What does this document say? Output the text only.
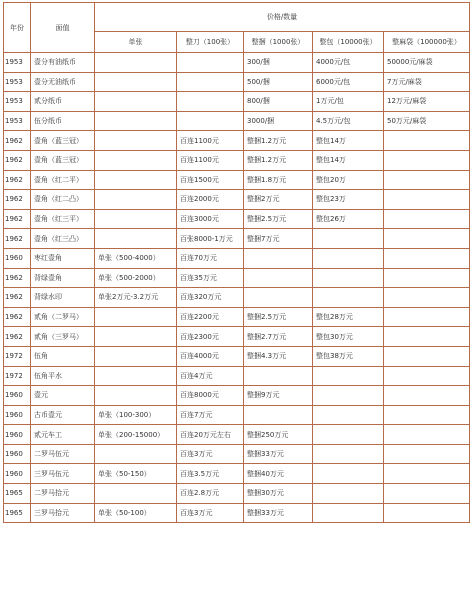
年份	面值	价格/数量				
		单张	整刀（100张）	整捆（1000张）	整包（10000张）	整麻袋（100000张）
1953	壹分有油纸币			300/捆	4000元/包	50000元/麻袋
1953	壹分无油纸币			500/捆	6000元/包	7万元/麻袋
1953	贰分纸币			800/捆	1万元/包	12万元/麻袋
1953	伍分纸币			3000/捆	4.5万元/包	50万元/麻袋
1962	壹角（蓝三冠）		百连1100元	整捆1.2万元	整包14万	
1962	壹角（蓝三冠）		百连1100元	整捆1.2万元	整包14万	
1962	壹角（红二平）		百连1500元	整捆1.8万元	整包20万	
1962	壹角（红二凸）		百连2000元	整捆2万元	整包23万	
1962	壹角（红三平）		百连3000元	整捆2.5万元	整包26万	
1962	壹角（红三凸）		百张8000-1万元	整捆7万元		
1960	枣红壹角	单张（500-4000）	百连70万元			
1962	背绿壹角	单张（500-2000）	百连35万元			
1962	背绿水印	单张2万元-3.2万元	百连320万元			
1962	贰角（二罗马）		百连2200元	整捆2.5万元	整包28万元	
1962	贰角（三罗马）		百连2300元	整捆2.7万元	整包30万元	
1972	伍角		百连4000元	整捆4.3万元	整包38万元	
1972	伍角平水		百连4万元			
1960	壹元		百连8000元	整捆9万元		
1960	古币壹元	单张（100-300）	百连7万元			
1960	贰元车工	单张（200-15000）	百连20万元左右	整捆250万元		
1960	二罗马伍元		百连3万元	整捆33万元		
1960	三罗马伍元	单张（50-150）	百连3.5万元	整捆40万元		
1965	二罗马拾元		百连2.8万元	整捆30万元		
1965	三罗马拾元	单张（50-100）	百连3万元	整捆33万元		
